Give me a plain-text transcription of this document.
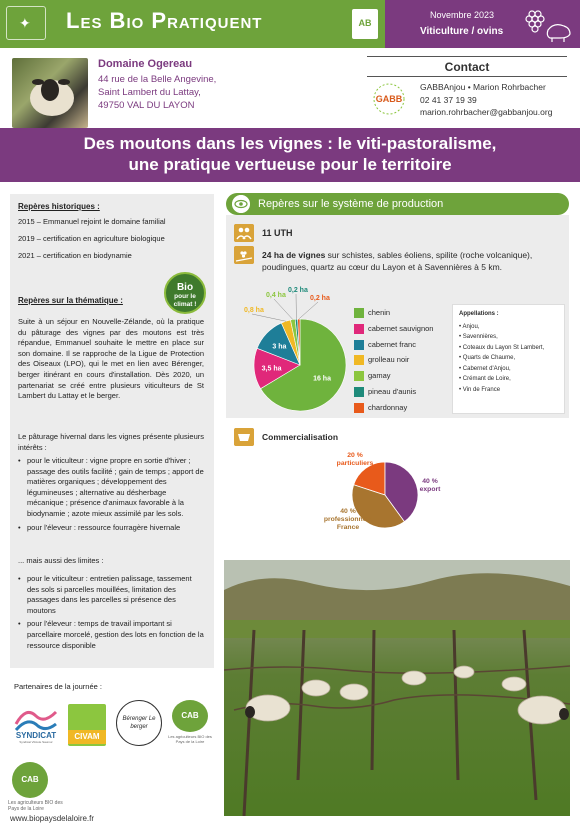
✦ Les Bio Pratiquent	AB
Novembre 2023
Viticulture / ovins
Domaine Ogereau
44 rue de la Belle Angevine,
Saint Lambert du Lattay,
49750 VAL DU LAYON
Contact
GABB
GABBAnjou • Marion Rohrbacher
02 41 37 19 39
marion.rohrbacher@gabbanjou.org
Des moutons dans les vignes : le viti-pastoralisme,
une pratique vertueuse pour le territoire
Repères historiques :
2015 – Emmanuel rejoint le domaine familial
2019 – certification en agriculture biologique
2021 – certification en biodynamie
Repères sur la thématique :
Bio
pour le climat !
Suite à un séjour en Nouvelle-Zélande, où la pratique du pâturage des vignes par des moutons est très répandue, Emmanuel souhaite le mettre en place sur son domaine. Il se rapproche de la Ligue de Protection des Oiseaux (LPO), qui le met en lien avec Bérenger, berger itinérant en cours d'installation. Dès 2020, un partenariat se créé entre plusieurs viticulteurs de St Lambert du Lattay et le berger.
Le pâturage hivernal dans les vignes présente plusieurs intérêts :
• pour le viticulteur : vigne propre en sortie d'hiver ; passage des outils facilité ; gain de temps ; apport de matières organiques ; développement des légumineuses ; alternative au désherbage mécanique ; présence d'animaux favorable à la biodynamie ; azote mieux assimilé par les sols.
• pour l'éleveur : ressource fourragère hivernale
... mais aussi des limites :
• pour le viticulteur : entretien palissage, tassement des sols si parcelles mouillées, limitation des passages dans les parcelles si présence des moutons
• pour l'éleveur : temps de travail important si parcellaire morcelé, gestion des lots en fonction de la ressource disponible
Partenaires de la journée :
SYNDICAT
Syndicat Viticole Saumur
CIVAM
Bérenger Le berger
CAB
Les agriculteurs BIO des Pays de la Loire
CAB
Les agriculteurs BIO des Pays de la Loire
www.biopaysdelaloire.fr
Repères sur le système de production
11 UTH
24 ha de vignes sur schistes, sables éoliens, spilite (roche volcanique), poudingues, quartz au cœur du Layon et à Savennières à 5 km.
16 ha
3,5 ha
3 ha
0,8 ha
0,4 ha
0,2 ha
0,2 ha
chenin
cabernet sauvignon
cabernet franc
grolleau noir
gamay
pineau d'aunis
chardonnay
Appellations :
• Anjou,
• Savennières,
• Coteaux du Layon St Lambert,
• Quarts de Chaume,
• Cabernet d'Anjou,
• Crémant de Loire,
• Vin de France
Commercialisation
20 %
particuliers
40 %
export
40 %
professionnels
France
